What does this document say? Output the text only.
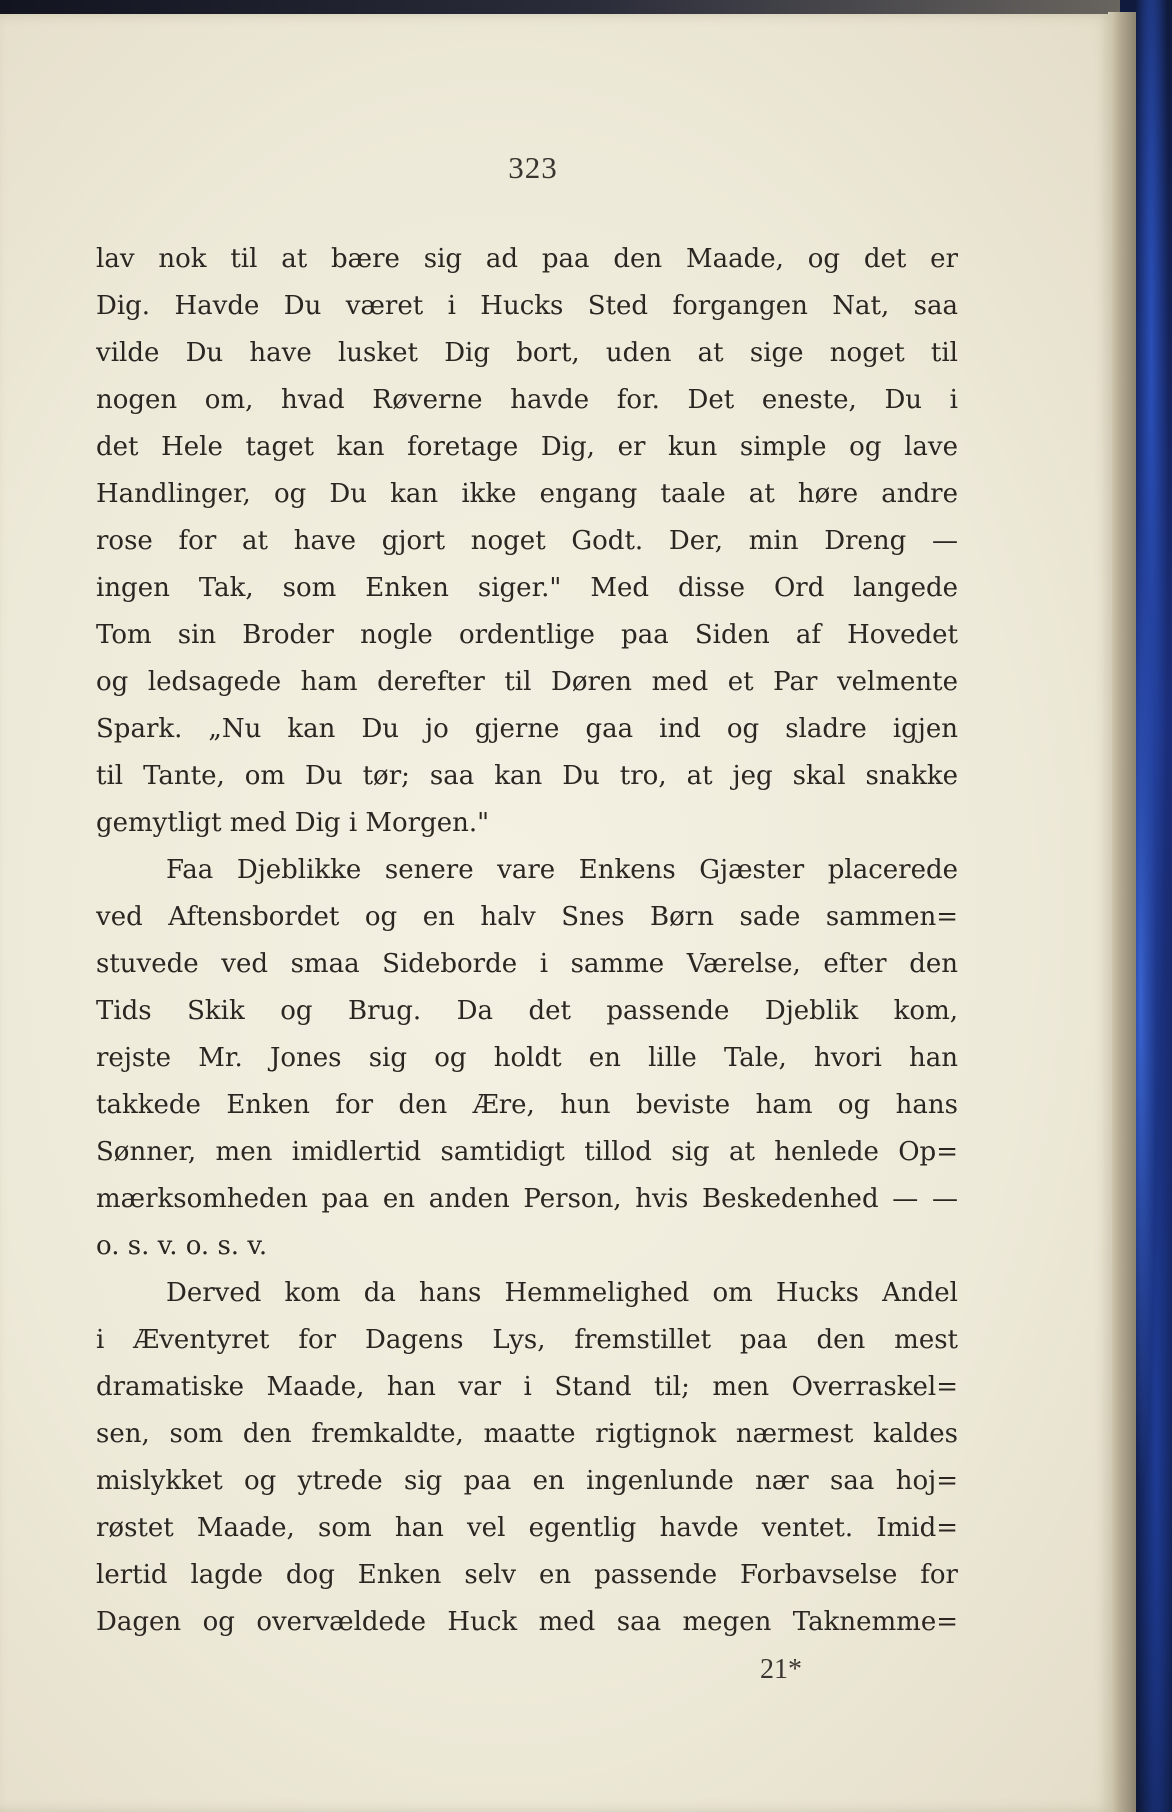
323
lav nok til at bære sig ad paa den Maade, og det er
Dig. Havde Du været i Hucks Sted forgangen Nat, saa
vilde Du have lusket Dig bort, uden at sige noget til
nogen om, hvad Røverne havde for. Det eneste, Du i
det Hele taget kan foretage Dig, er kun simple og lave
Handlinger, og Du kan ikke engang taale at høre andre
rose for at have gjort noget Godt. Der, min Dreng —
ingen Tak, som Enken siger." Med disse Ord langede
Tom sin Broder nogle ordentlige paa Siden af Hovedet
og ledsagede ham derefter til Døren med et Par velmente
Spark. „Nu kan Du jo gjerne gaa ind og sladre igjen
til Tante, om Du tør; saa kan Du tro, at jeg skal snakke
gemytligt med Dig i Morgen."
Faa Djeblikke senere vare Enkens Gjæster placerede
ved Aftensbordet og en halv Snes Børn sade sammen=
stuvede ved smaa Sideborde i samme Værelse, efter den
Tids Skik og Brug. Da det passende Djeblik kom,
rejste Mr. Jones sig og holdt en lille Tale, hvori han
takkede Enken for den Ære, hun beviste ham og hans
Sønner, men imidlertid samtidigt tillod sig at henlede Op=
mærksomheden paa en anden Person, hvis Beskedenhed — —
o. s. v. o. s. v.
Derved kom da hans Hemmelighed om Hucks Andel
i Æventyret for Dagens Lys, fremstillet paa den mest
dramatiske Maade, han var i Stand til; men Overraskel=
sen, som den fremkaldte, maatte rigtignok nærmest kaldes
mislykket og ytrede sig paa en ingenlunde nær saa hoj=
røstet Maade, som han vel egentlig havde ventet. Imid=
lertid lagde dog Enken selv en passende Forbavselse for
Dagen og overvældede Huck med saa megen Taknemme=
21*
